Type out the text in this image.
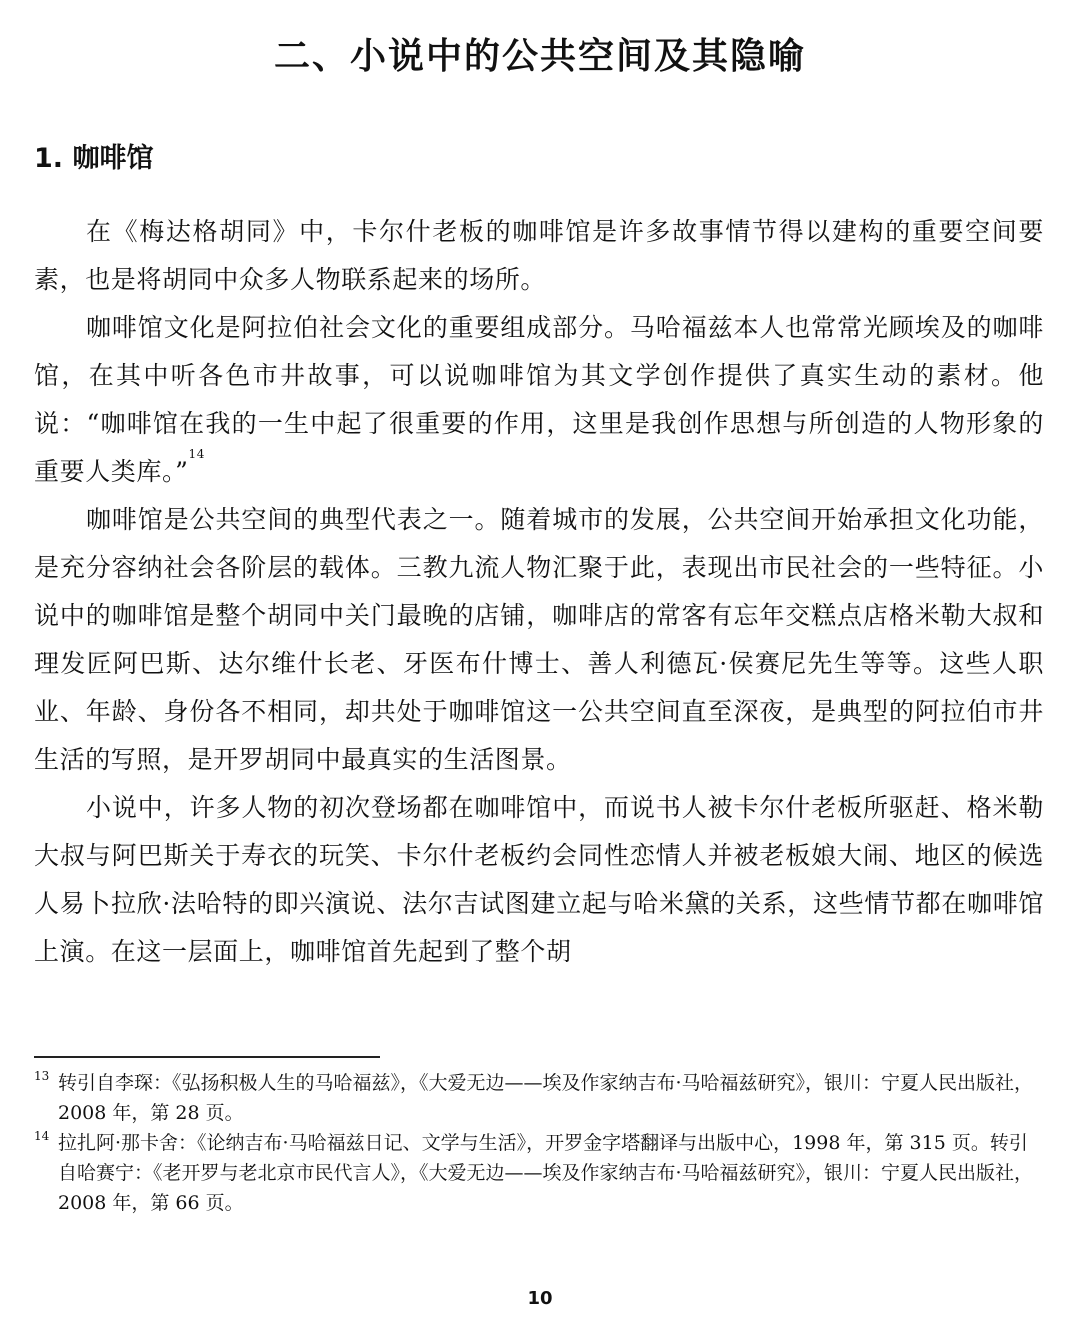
二、小说中的公共空间及其隐喻
1. 咖啡馆

在《梅达格胡同》中，卡尔什老板的咖啡馆是许多故事情节得以建构的重要空间要素，也是将胡同中众多人物联系起来的场所。

咖啡馆文化是阿拉伯社会文化的重要组成部分。马哈福兹本人也常常光顾埃及的咖啡馆，在其中听各色市井故事，可以说咖啡馆为其文学创作提供了真实生动的素材。他说：“咖啡馆在我的一生中起了很重要的作用，这里是我创作思想与所创造的人物形象的重要人类库。”$^{14}$

咖啡馆是公共空间的典型代表之一。随着城市的发展，公共空间开始承担文化功能，是充分容纳社会各阶层的载体。三教九流人物汇聚于此，表现出市民社会的一些特征。小说中的咖啡馆是整个胡同中关门最晚的店铺，咖啡店的常客有忘年交糕点店格米勒大叔和理发匠阿巴斯、达尔维什长老、牙医布什博士、善人利德瓦·侯赛尼先生等等。这些人职业、年龄、身份各不相同，却共处于咖啡馆这一公共空间直至深夜，是典型的阿拉伯市井生活的写照，是开罗胡同中最真实的生活图景。

小说中，许多人物的初次登场都在咖啡馆中，而说书人被卡尔什老板所驱赶、格米勒大叔与阿巴斯关于寿衣的玩笑、卡尔什老板约会同性恋情人并被老板娘大闹、地区的候选人易卜拉欣·法哈特的即兴演说、法尔吉试图建立起与哈米黛的关系，这些情节都在咖啡馆上演。在这一层面上，咖啡馆首先起到了整个胡

13 转引自李琛：《弘扬积极人生的马哈福兹》，《大爱无边——埃及作家纳吉布·马哈福兹研究》，银川：宁夏人民出版社，2008 年，第 28 页。

14 拉扎阿·那卡舍：《论纳吉布·马哈福兹日记、文学与生活》，开罗金字塔翻译与出版中心，1998 年，第 315 页。转引自哈赛宁：《老开罗与老北京市民代言人》，《大爱无边——埃及作家纳吉布·马哈福兹研究》，银川：宁夏人民出版社，2008 年，第 66 页。

10
